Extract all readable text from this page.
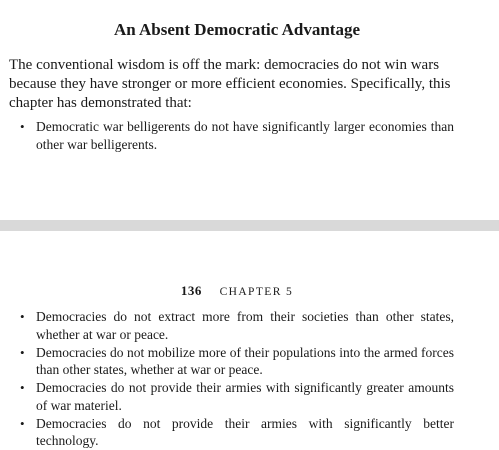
An Absent Democratic Advantage

The conventional wisdom is off the mark: democracies do not win wars because they have stronger or more efficient economies. Specifically, this chapter has demonstrated that:

• Democratic war belligerents do not have significantly larger economies than other war belligerents.
136 CHAPTER 5
• Democracies do not extract more from their societies than other states, whether at war or peace.
• Democracies do not mobilize more of their populations into the armed forces than other states, whether at war or peace.
• Democracies do not provide their armies with significantly greater amounts of war materiel.
• Democracies do not provide their armies with significantly better technology.
